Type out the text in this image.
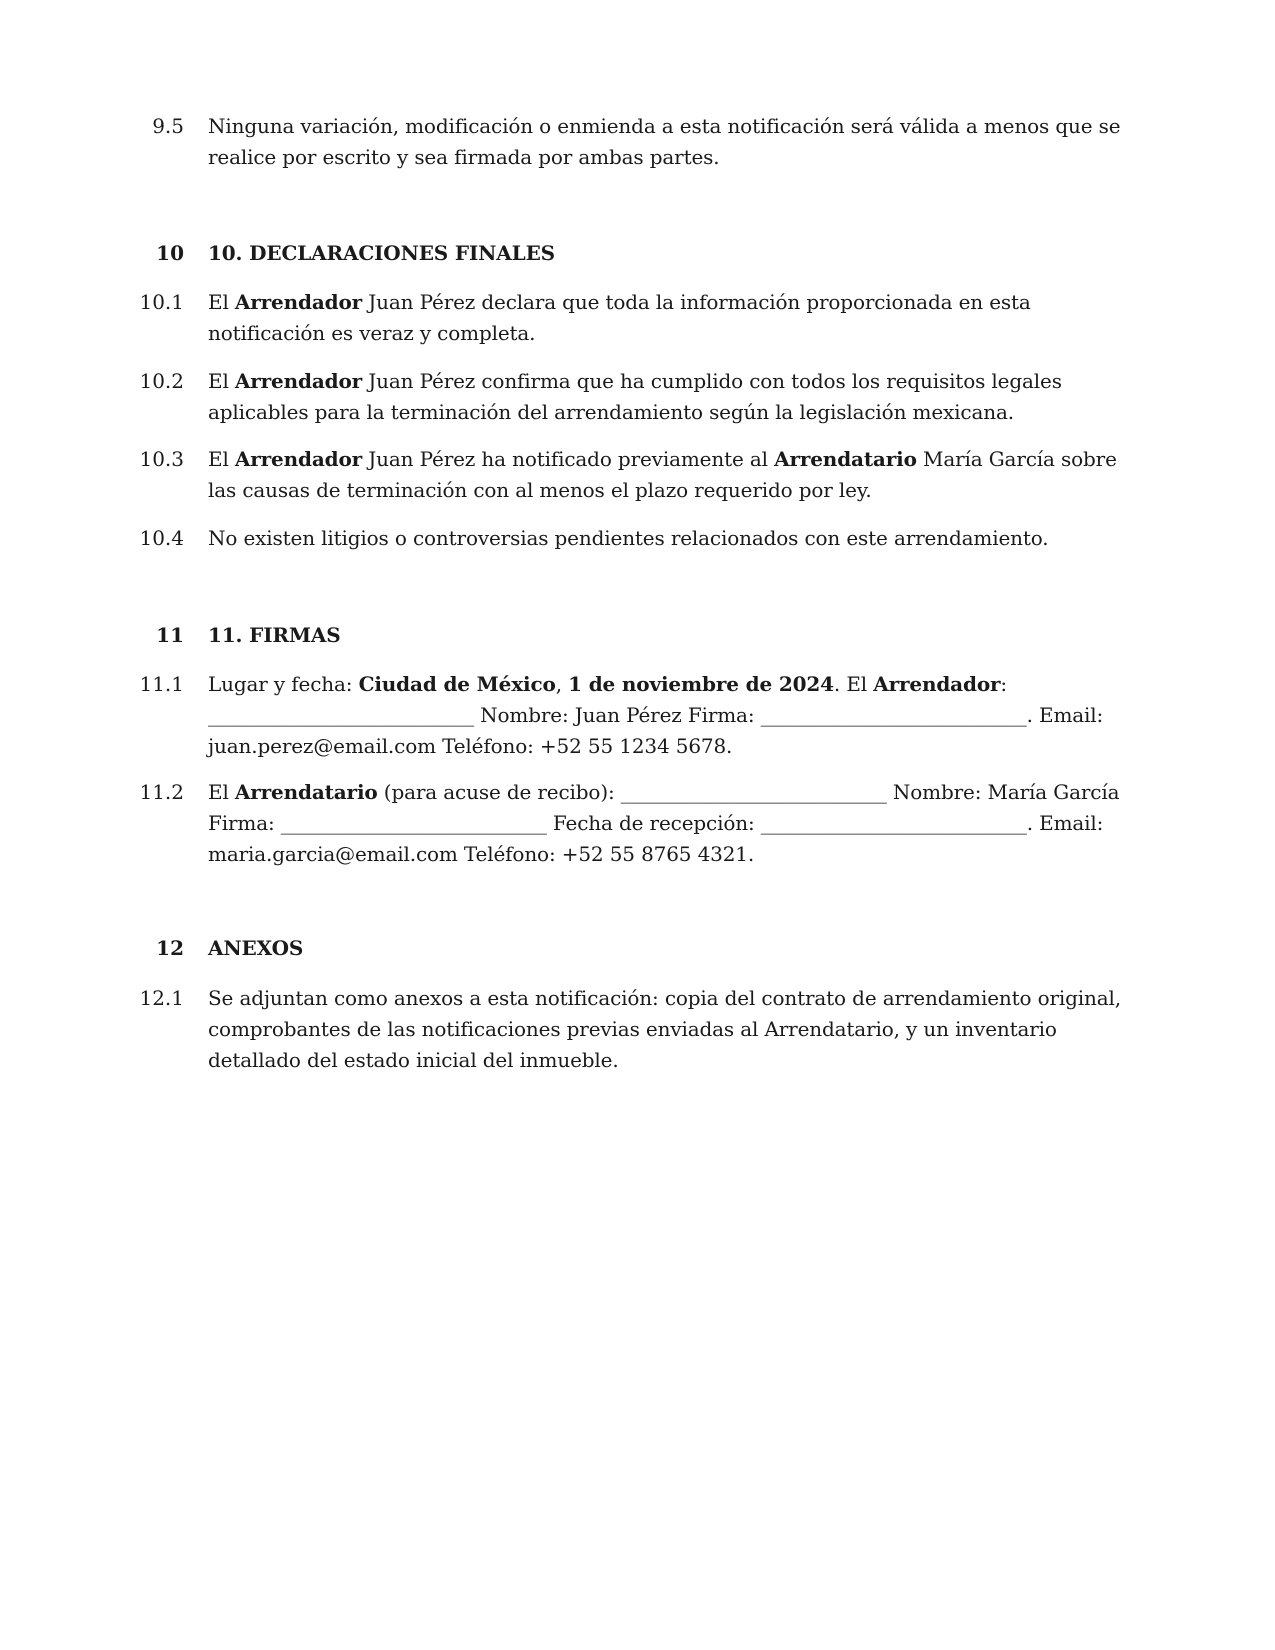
9.5 Ninguna variación, modificación o enmienda a esta notificación será válida a menos que se realice por escrito y sea firmada por ambas partes.
10 10. DECLARACIONES FINALES
10.1 El Arrendador Juan Pérez declara que toda la información proporcionada en esta notificación es veraz y completa.
10.2 El Arrendador Juan Pérez confirma que ha cumplido con todos los requisitos legales aplicables para la terminación del arrendamiento según la legislación mexicana.
10.3 El Arrendador Juan Pérez ha notificado previamente al Arrendatario María García sobre las causas de terminación con al menos el plazo requerido por ley.
10.4 No existen litigios o controversias pendientes relacionados con este arrendamiento.
11 11. FIRMAS
11.1 Lugar y fecha: Ciudad de México, 1 de noviembre de 2024. El Arrendador: ___________________________ Nombre: Juan Pérez Firma: ___________________________. Email: juan.perez@email.com Teléfono: +52 55 1234 5678.
11.2 El Arrendatario (para acuse de recibo): ___________________________ Nombre: María García Firma: ___________________________ Fecha de recepción: ___________________________. Email: maria.garcia@email.com Teléfono: +52 55 8765 4321.
12 ANEXOS
12.1 Se adjuntan como anexos a esta notificación: copia del contrato de arrendamiento original, comprobantes de las notificaciones previas enviadas al Arrendatario, y un inventario detallado del estado inicial del inmueble.
